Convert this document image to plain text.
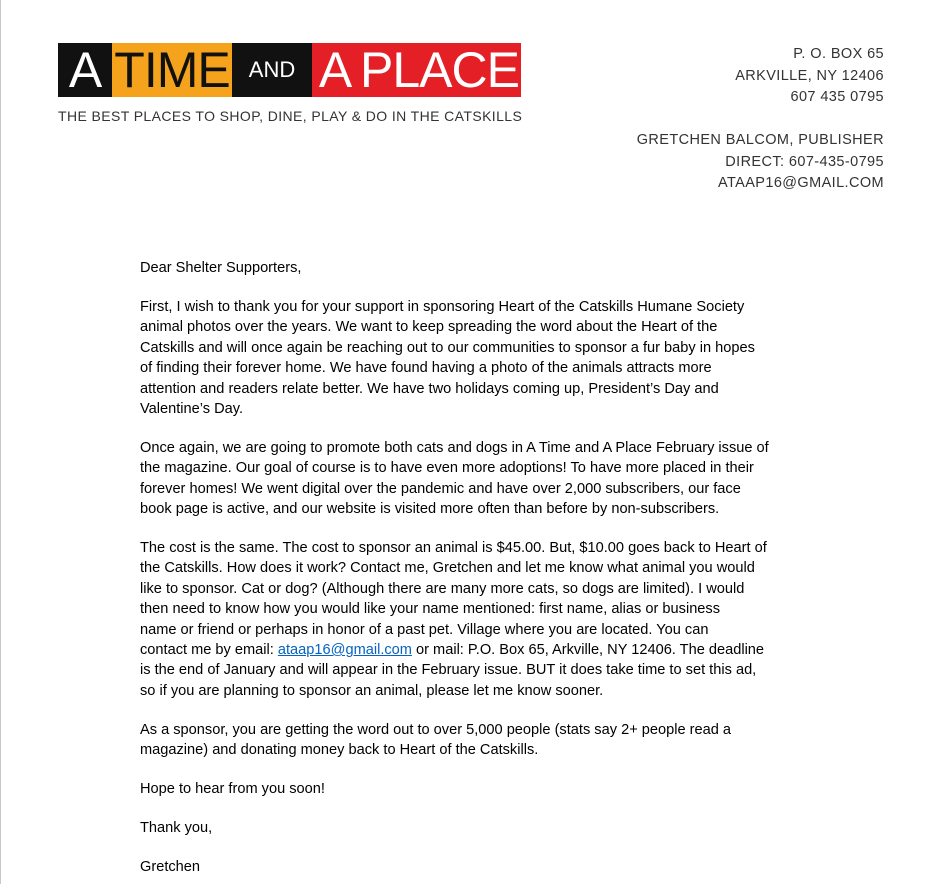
A TIME AND A PLACE
THE BEST PLACES TO SHOP, DINE, PLAY & DO IN THE CATSKILLS
P. O. BOX 65
ARKVILLE, NY 12406
607 435 0795
GRETCHEN BALCOM, PUBLISHER
DIRECT: 607-435-0795
ATAAP16@GMAIL.COM

Dear Shelter Supporters,

First, I wish to thank you for your support in sponsoring Heart of the Catskills Humane Society
animal photos over the years. We want to keep spreading the word about the Heart of the
Catskills and will once again be reaching out to our communities to sponsor a fur baby in hopes
of finding their forever home. We have found having a photo of the animals attracts more
attention and readers relate better. We have two holidays coming up, President’s Day and
Valentine’s Day.

Once again, we are going to promote both cats and dogs in A Time and A Place February issue of
the magazine. Our goal of course is to have even more adoptions! To have more placed in their
forever homes! We went digital over the pandemic and have over 2,000 subscribers, our face
book page is active, and our website is visited more often than before by non-subscribers.

The cost is the same. The cost to sponsor an animal is $45.00. But, $10.00 goes back to Heart of
the Catskills. How does it work? Contact me, Gretchen and let me know what animal you would
like to sponsor. Cat or dog? (Although there are many more cats, so dogs are limited). I would
then need to know how you would like your name mentioned: first name, alias or business
name or friend or perhaps in honor of a past pet. Village where you are located. You can
contact me by email: ataap16@gmail.com or mail: P.O. Box 65, Arkville, NY 12406. The deadline
is the end of January and will appear in the February issue. BUT it does take time to set this ad,
so if you are planning to sponsor an animal, please let me know sooner.

As a sponsor, you are getting the word out to over 5,000 people (stats say 2+ people read a
magazine) and donating money back to Heart of the Catskills.

Hope to hear from you soon!

Thank you,

Gretchen
